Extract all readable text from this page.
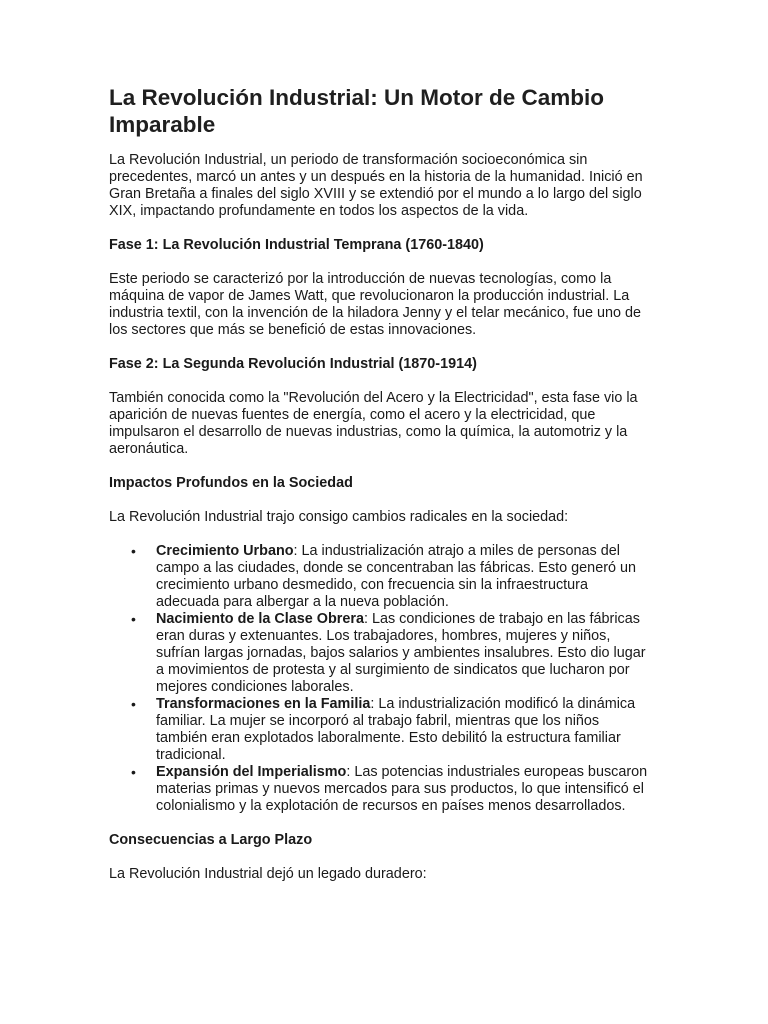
La Revolución Industrial: Un Motor de Cambio Imparable

La Revolución Industrial, un periodo de transformación socioeconómica sin precedentes, marcó un antes y un después en la historia de la humanidad. Inició en Gran Bretaña a finales del siglo XVIII y se extendió por el mundo a lo largo del siglo XIX, impactando profundamente en todos los aspectos de la vida.

Fase 1: La Revolución Industrial Temprana (1760-1840)

Este periodo se caracterizó por la introducción de nuevas tecnologías, como la máquina de vapor de James Watt, que revolucionaron la producción industrial. La industria textil, con la invención de la hiladora Jenny y el telar mecánico, fue uno de los sectores que más se benefició de estas innovaciones.

Fase 2: La Segunda Revolución Industrial (1870-1914)

También conocida como la "Revolución del Acero y la Electricidad", esta fase vio la aparición de nuevas fuentes de energía, como el acero y la electricidad, que impulsaron el desarrollo de nuevas industrias, como la química, la automotriz y la aeronáutica.

Impactos Profundos en la Sociedad

La Revolución Industrial trajo consigo cambios radicales en la sociedad:

• Crecimiento Urbano: La industrialización atrajo a miles de personas del campo a las ciudades, donde se concentraban las fábricas. Esto generó un crecimiento urbano desmedido, con frecuencia sin la infraestructura adecuada para albergar a la nueva población.
• Nacimiento de la Clase Obrera: Las condiciones de trabajo en las fábricas eran duras y extenuantes. Los trabajadores, hombres, mujeres y niños, sufrían largas jornadas, bajos salarios y ambientes insalubres. Esto dio lugar a movimientos de protesta y al surgimiento de sindicatos que lucharon por mejores condiciones laborales.
• Transformaciones en la Familia: La industrialización modificó la dinámica familiar. La mujer se incorporó al trabajo fabril, mientras que los niños también eran explotados laboralmente. Esto debilitó la estructura familiar tradicional.
• Expansión del Imperialismo: Las potencias industriales europeas buscaron materias primas y nuevos mercados para sus productos, lo que intensificó el colonialismo y la explotación de recursos en países menos desarrollados.
Consecuencias a Largo Plazo

La Revolución Industrial dejó un legado duradero:
